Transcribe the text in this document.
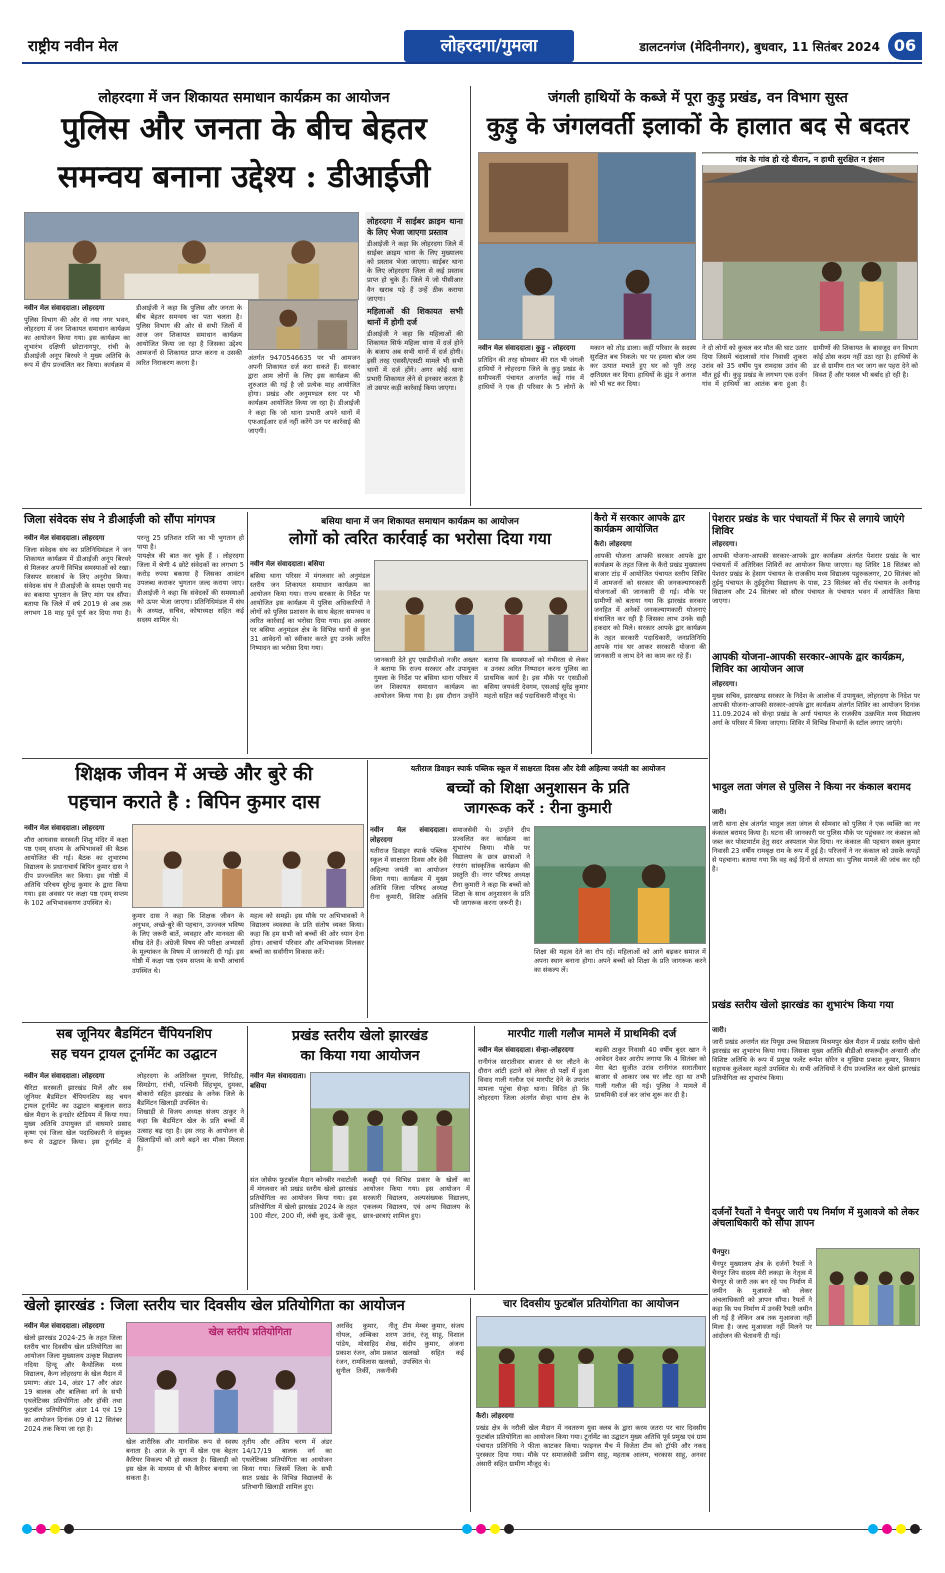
राष्ट्रीय नवीन मेल	लोहरदगा/गुमला	डालटनगंज (मेदिनीनगर), बुधवार, 11 सितंबर 2024 06
लोहरदगा में जन शिकायत समाधान कार्यक्रम का आयोजन
पुलिस और जनता के बीच बेहतर
समन्वय बनाना उद्देश्य : डीआईजी
लोहरदगा में साईबर क्राइम थाना के लिए भेजा जाएगा प्रस्ताव

डीआईजी ने कहा कि लोहरदगा जिले में साईबर क्राइम थाना के लिए मुख्यालय को प्रस्ताव भेजा जाएगा। साईबर थाना के लिए लोहरदगा जिला से कई प्रस्ताव प्राप्त हो चुके हैं। जिले में जो पीसीआर वैन खराब पड़े हैं उन्हें ठीक कराया जाएगा।

महिलाओं की शिकायत सभी थानों में होगी दर्ज

डीआईजी ने कहा कि महिलाओं की शिकायत सिर्फ महिला थाना में दर्ज होने के बजाय अब सभी थानों में दर्ज होगी। इसी तरह एससी/एसटी मामले भी सभी थानों में दर्ज होंगे। अगर कोई थाना प्रभारी शिकायत लेने से इनकार करता है तो उसपर कड़ी कार्रवाई किया जाएगा।

नवीन मेल संवाददाता। लोहरदगा

पुलिस विभाग की ओर से नया नगर भवन, लोहरदगा में जन शिकायत समाधान कार्यक्रम का आयोजन किया गया। इस कार्यक्रम का शुभारंभ दक्षिणी छोटानागपुर, रांची के डीआईजी अनूप बिरथरे ने मुख्य अतिथि के रूप में दीप प्रज्वलित कर किया। कार्यक्रम में डीआईजी ने कहा कि पुलिस और जनता के बीच बेहतर समन्वय का पता चलता है। पुलिस विभाग की ओर से सभी जिलों में आज जन शिकायत समाधान कार्यक्रम आयोजित किया जा रहा है जिसका उद्देश्य आमजनों से शिकायत प्राप्त करना व उसकी त्वरित निराकरण करना है।

अंतर्गत 9470546635 पर भी आमजन अपनी शिकायत दर्ज करा सकते हैं। सरकार द्वारा आम लोगों के लिए इस कार्यक्रम की शुरुआत की गई है जो प्रत्येक माह आयोजित होगा। प्रखंड और अनुमण्डल स्तर पर भी कार्यक्रम आयोजित किया जा रहा है। डीआईजी ने कहा कि जो थाना प्रभारी अपने थानों में एफआईआर दर्ज नहीं करेंगे उन पर कार्रवाई की जाएगी।

जंगली हाथियों के कब्जे में पूरा कुड़ु प्रखंड, वन विभाग सुस्त
कुड़ु के जंगलवर्ती इलाकों के हालात बद से बदतर
गांव के गांव हो रहे वीरान, न हाथी सुरक्षित न इंसान
नवीन मेल संवाददाता। कुड़ु - लोहरदगा

प्रतिदिन की तरह सोमवार की रात भी जंगली हाथियों ने लोहरदगा जिले के कुड़ु प्रखंड के समीपवर्ती पंचायत अन्तर्गत कई गांव में हाथियों ने एक ही परिवार के 5 लोगों के मकान को तोड़ डाला। कहीं परिवार के सदस्य सुरक्षित बच निकले। घर पर हमला बोल जम कर उत्पात मचाते हुए घर को पूरी तरह क्षतिग्रस्त कर दिया। हाथियों के झुंड ने अनाज को भी चट कर दिया।

ने दो लोगों को कुचल कर मौत की घाट उतार दिया जिसमें चंदालासो गांव निवासी शुकरा उरांव को 35 वर्षीय पुत्र रामदास उरांव की मौत हुई थी। कुड़ु प्रखंड के लगभग एक दर्जन गांव में हाथियों का आतंक बना हुआ है। ग्रामीणों की शिकायत के बावजूद वन विभाग कोई ठोस कदम नहीं उठा रहा है। हाथियों के डर से ग्रामीण रात भर जाग कर पहरा देने को विवश हैं और फसल भी बर्बाद हो रही है।

जिला संवेदक संघ ने डीआईजी को सौंपा मांगपत्र
नवीन मेल संवाददाता। लोहरदगा

जिला संवेदक संघ का प्रतिनिधिमंडल ने जन शिकायत कार्यक्रम में डीआईजी अनूप बिरथरे से मिलकर अपनी विभिन्न समस्याओं को रखा। जिसपर सरकार्थ के लिए अनुरोध किया। संवेदक संघ ने डीआईजी के समक्ष एसपी मद का बकाया भुगतान के लिए मांग पत्र सौंपा। बताया कि जिले में वर्ष 2019 से अब तक लगभग 18 माह पूर्व पूर्ण कर दिया गया है। परन्तु 25 प्रतिशत राशि का भी भुगतान हो पाया है।

पायक्षेत्र की बात कर चुके हैं । लोहरदगा जिला में श्रेणी 4 छोटे संवेदकों का लगभग 5 करोड़ रुपया बकाया है जिसका आवंटन उपलब्ध कराकर भुगतान जल्द कराया जाए। डीआईजी ने कहा कि संवेदकों की समस्याओं को ऊपर भेजा जाएगा। प्रतिनिधिमंडल में संघ के अध्यक्ष, सचिव, कोषाध्यक्ष सहित कई सदस्य शामिल थे।

बसिया थाना में जन शिकायत समाधान कार्यक्रम का आयोजन
लोगों को त्वरित कार्रवाई का भरोसा दिया गया
नवीन मेल संवाददाता। बसिया

बसिया थाना परिसर में मंगलवार को अनुमंडल स्तरीय जन शिकायत समाधान कार्यक्रम का आयोजन किया गया। राज्य सरकार के निर्देश पर आयोजित इस कार्यक्रम में पुलिस अधिकारियों ने लोगों को पुलिस प्रशासन के साथ बेहतर समन्वय व त्वरित कार्रवाई का भरोसा दिया गया। इस अवसर पर बसिया अनुमंडल क्षेत्र के विभिन्न थानों से कुल 31 आवेदनों को स्वीकार करते हुए उनके त्वरित निष्पादन का भरोसा दिया गया।

जानकारी देते हुए एसडीपीओ नजीर अख्तर ने बताया कि राज्य सरकार और उपायुक्त गुमला के निर्देश पर बसिया थाना परिसर में जन शिकायत समाधान कार्यक्रम का आयोजन किया गया है। इस दौरान उन्होंने बताया कि समस्याओं को गंभीरता से लेकर व उनका त्वरित निष्पादन करना पुलिस का प्राथमिक कार्य है। इस मौके पर एसडीओ बसिया जयवंती देवगम, एसआई सुरेंद्र कुमार महतो सहित कई पदाधिकारी मौजूद थे।

कैरो में सरकार आपके द्वार कार्यक्रम आयोजित
कैरो। लोहरदगा

आपकी योजना आपकी सरकार आपके द्वार कार्यक्रम के तहत जिला के कैरो प्रखंड मुख्यालय बाजार टांड़ में आयोजित पंचायत स्तरीय शिविर में आमजनों को सरकार की जनकल्याणकारी योजनाओं की जानकारी दी गई। मौके पर ग्रामीणों को बताया गया कि झारखंड सरकार जनहित में अनेकों जनकल्याणकारी योजनाएं संचालित कर रही है जिसका लाभ उनके सही हकदार को मिले। सरकार आपके द्वार कार्यक्रम के तहत सरकारी पदाधिकारी, जनप्रतिनिधि आपके गांव घर आकर सरकारी योजना की जानकारी व लाभ देने का काम कर रहे हैं।

पेशरार प्रखंड के चार पंचायतों में फिर से लगाये जाएंगे शिविर
लोहरदगा।

आपकी योजना-आपकी सरकार-आपके द्वार कार्यक्रम अंतर्गत पेशरार प्रखंड के चार पंचायतों में अतिरिक्त शिविरों का आयोजन किया जाएगा। यह शिविर 18 सितंबर को पेशरार प्रखंड के हेसाग पंचायत के राजकीय मध्य विद्यालय पहुरुकलगर, 20 सितंबर को तुईमु पंचायत के तुईदूरोया विद्यालय के पास, 23 सितंबर को रोंद पंचायत के अनौगढ़ विद्यालय और 24 सितंबर को सौरव पंचायत के पंचायत भवन में आयोजित किया जाएगा।

आपकी योजना-आपकी सरकार-आपके द्वार कार्यक्रम, शिविर का आयोजन आज
लोहरदगा।

मुख्य सचिव, झारखण्ड सरकार के निदेश के आलोक में उपायुक्त, लोहरदगा के निदेश पर आपकी योजना-आपकी सरकार-आपके द्वार कार्यक्रम अंतर्गत शिविर का आयोजन दिनांक 11.09.2024 को सेन्हा प्रखंड के अर्गा पंचायत के राजकीय उत्क्रमित मध्य विद्यालय अर्गा के परिसर में किया जाएगा। शिविर में विभिन्न विभागों के स्टॉल लगाए जाएंगे।

भादुल लता जंगल से पुलिस ने किया नर कंकाल बरामद
जारी।

जारी थाना क्षेत्र अंतर्गत भादुल लता जंगल से सोमवार को पुलिस ने एक व्यक्ति का नर कंकाल बरामद किया है। घटना की जानकारी पर पुलिस मौके पर पहुंचकर नर कंकाल को जब्त कर पोस्टमार्टम हेतु सदर अस्पताल भेज दिया। नर कंकाल की पहचान सबल कुमार निवासी 23 वर्षीय रामबृक्ष राम के रूप में हुई है। परिजनों ने नर कंकाल को उसके कपड़ों से पहचाना। बताया गया कि वह कई दिनों से लापता था। पुलिस मामले की जांच कर रही है।

प्रखंड स्तरीय खेलो झारखंड का शुभारंभ किया गया
जारी।

जारी प्रखंड अन्तर्गत संत पियूस उच्च विद्यालय मिश्रमपुर खेल मैदान में प्रखंड स्तरीय खेलो झारखंड का शुभारंभ किया गया। जिसका मुख्य अतिथि बीडीओ सफरूद्दीन अन्सारी और विशिष्ट अतिथि के रूप में प्रमुख फलेंट रूपेश सोरेन व मुखिया प्रकाश कुमार, किसान सहायक कुलेश्वर महतो उपस्थित थे। सभी अतिथियों ने दीप प्रज्वलित कर खेलो झारखंड प्रतियोगिता का शुभारंभ किया।

दर्जनों रैयतों ने चैनपुर जारी पथ निर्माण में मुआवजे को लेकर अंचलाधिकारी को सौंपा ज्ञापन
चैनपुर।

चैनपुर मुख्यालय क्षेत्र के दर्जनों रैयतों ने चैनपुर जिप सदस्य मेरी लकड़ा के नेतृत्व में चैनपुर से जारी तक बन रहे पथ निर्माण में जमीन के मुआवजे को लेकर अंचलाधिकारी को ज्ञापन सौंपा। रैयतों ने कहा कि पथ निर्माण में उनकी रैयती जमीन ली गई है लेकिन अब तक मुआवजा नहीं मिला है। जल्द मुआवजा नहीं मिलने पर आंदोलन की चेतावनी दी गई।

शिक्षक जीवन में अच्छे और बुरे की
पहचान कराते है : बिपिन कुमार दास
नवीन मेल संवाददाता। लोहरदगा

शौरा आयवास सरस्वती शिशु मंदिर में कक्षा पष्ठ एवम् सप्तम के अभिभावकों की बैठक आयोजित की गई। बैठक का शुभारम्भ विद्यालय के प्रधानाचार्य बिपिन कुमार दास ने दीप प्रज्ज्वलित कर किया। इस गोष्ठी में अतिथि परिचय सुरेन्द्र कुमार के द्वारा किया गया। इस अवसर पर कक्षा पष्ठ एवम् सप्तम के 102 अभिभावकगण उपस्थित थे।

कुमार दास ने कहा कि शिक्षक जीवन के अनुभव, अच्छे-बुरे की पहचान, उज्ज्वल भविष्य के लिए जरूरी बातें, व्यवहार और मानवता की सीख देते हैं। अंग्रेजी विषय की परीक्षा अभ्यासों के मूल्यांकन के विषय में जानकारी दी गई। इस गोष्ठी में कक्षा पष्ठ एवम सप्तम के सभी आचार्य उपस्थित थे।

महत्व को समझें। इस मौके पर अभिभावकों ने विद्यालय व्यवस्था के प्रति संतोष व्यक्त किया। कहा कि हम सभी को बच्चों की ओर ध्यान देना होगा। आचार्य परिवार और अभिभावक मिलकर बच्चों का सर्वांगीण विकास करें।

यतीराज डिवाइन स्पार्क पब्लिक स्कूल में साक्षरता दिवस और देवी अहिल्या जयंती का आयोजन
बच्चों को शिक्षा अनुशासन के प्रति
जागरूक करें : रीना कुमारी
नवीन मेल संवाददाता। लोहरदगा

यतीराज डिवाइन स्पार्क पब्लिक स्कूल में साक्षरता दिवस और देवी अहिल्या जयंती का आयोजन किया गया। कार्यक्रम में मुख्य अतिथि जिला परिषद अध्यक्ष रीना कुमारी, विशिष्ट अतिथि समाजसेवी थे। उन्होंने दीप प्रज्वलित कर कार्यक्रम का शुभारंभ किया। मौके पर विद्यालय के छात्र छात्राओं ने रंगारंग सांस्कृतिक कार्यक्रम की प्रस्तुति दी। नगर परिषद अध्यक्ष रीना कुमारी ने कहा कि बच्चों को शिक्षा के साथ अनुशासन के प्रति भी जागरूक करना जरूरी है।

शिक्षा की महत्व देते का रोप रहें। महिलाओं को आगे बढ़कर समाज में अपना स्थान बनाना होगा। अपने बच्चों को शिक्षा के प्रति जागरूक करने का संकल्प लें।

सब जूनियर बैडमिंटन चैंपियनशिप
सह चयन ट्रायल टूर्नामेंट का उद्घाटन
नवीन मेल संवाददाता। लोहरदगा

चैरिटा सरस्वती झारखंड मिलें और सब जूनियर बैडमिंटन चैंपियनशिप सह चयन ट्रायल टूर्नामेंट का उद्घाटन बाबूलाल सराउ खेल मैदान के इनडोर स्टेडियम में किया गया। मुख्य अतिथि उपायुक्त डॉ वाघमारे प्रसाद कृष्ण एवं जिला खेल पदाधिकारी ने संयुक्त रूप से उद्घाटन किया। इस टूर्नामेंट में लोहरदगा के अतिरिक्त गुमला, गिरिडीह, सिमडेगा, रांची, पश्चिमी सिंहभूम, दुमका, बोकारो सहित झारखंड के अनेक जिले के बैडमिंटन खिलाड़ी उपस्थित थे।

शिखाड़ी से विजय अध्यक्ष संजय ठाकुर ने कहा कि बैडमिंटन खेल के प्रति बच्चों में उत्साह बढ़ रहा है। इस तरह के आयोजन से खिलाड़ियों को आगे बढ़ने का मौका मिलता है।

प्रखंड स्तरीय खेलो झारखंड
का किया गया आयोजन
नवीन मेल संवाददाता। बसिया

संत जोसेफ फुटबॉल मैदान कोनबीर नवाटोली में मंगलवार को प्रखंड स्तरीय खेलो झारखंड प्रतियोगिता का आयोजन किया गया। इस प्रतियोगिता में खेलो झारखंड 2024 के तहत 100 मीटर, 200 मी, लंबी कूद, ऊंची कूद, कबड्डी एवं विभिन्न प्रकार के खेलों का आयोजन किया गया। इस आयोजन में सरकारी विद्यालय, अल्पसंख्यक विद्यालय, एकलव्य विद्यालय, एवं अन्य विद्यालय के छात्र-छात्राएं शामिल हुए।

मारपीट गाली गलौज मामले में प्राथमिकी दर्ज
नवीन मेल संवाददाता। सेन्हा-लोहरदगा

रानीगंज सारातीवार बाजार से घर लौटने के दौरान आंटी हटाने को लेकर दो पक्षों में हुआ विवाद गाली गलौज एवं मारपीट देने के उपरांत मामला पहुंचा सेन्हा थाना। विदित हो कि लोहरदगा जिला अंतर्गत सेन्हा थाना क्षेत्र के बड़की ठाकुर निवासी 40 वर्षीय बुदर खान ने आवेदन देकर आरोप लगाया कि 4 सितंबर को मेरा बेटा सुजीत उरांव रानीगंज सारातीवार बाजार से आकार जब घर लौट रहा था तभी गाली गलौज की गई। पुलिस ने मामले में प्राथमिकी दर्ज कर जांच शुरू कर दी है।

खेलो झारखंड : जिला स्तरीय चार दिवसीय खेल प्रतियोगिता का आयोजन
नवीन मेल संवाददाता। लोहरदगा

खेलो झारखंड 2024-25 के तहत जिला स्तरीय चार दिवसीय खेल प्रतियोगिता का आयोजन जिला मुख्यालय उत्कृष्ट विद्यालय नदिया हिन्दू और कैथोलिक मध्य विद्यालय, कैन्ग लोहरदगा के खेल मैदान में प्रमाण: अंडर 14, अंडर 17 और अंडर 19 बालक और बालिका वर्ग के सभी एथलेटिक्स प्रतियोगिता और हॉकी तथा फुटबॉल प्रतियोगिता अंडर 14 एवं 19 का आयोजन दिनांक 09 से 12 सितंबर 2024 तक किया जा रहा है।

खेल स्तरीय प्रतियोगिता

खेल शारीरिक और मानसिक रूप से स्वस्थ बनाता है। आज के युग में खेल एक बेहतर कैरियर विकल्प भी हो सकता है। खिलाड़ी को इस खेल के माध्यम से भी कैरियर बनाया जा सकता है।

तृतीय और अंतिम चरण में अंडर 14/17/19 बालक वर्ग का एथलेटिक्स प्रतियोगिता का आयोजन किया गया। जिसमें जिला के सभी सात प्रखंड के विभिन्न विद्यालयों के प्रतिभागी खिलाड़ी शामिल हुए।

अरविंद कुमार, नीतू गोयल, अम्बिका शरण पांडेय, मोसाहिद शेख, प्रकाश रंजन, ओम प्रकाश रंजन, रामविलास खलखो, सुनील तिर्की, तकनीकी टीम मेम्बर कुमार, संजय उरांव, रंजू साहू, विशाल संदीप कुमार, अंजना खलखो सहित कई उपस्थित थे।

चार दिवसीय फुटबॉल प्रतियोगिता का आयोजन
कैरो। लोहरदगा

प्रखंड क्षेत्र के नरौली खेल मैदान में नवतरुण युवा क्लब के द्वारा करम जतरा पर चार दिवसीय फुटबॉल प्रतियोगिता का आयोजन किया गया। टूर्नामेंट का उद्घाटन मुख्य अतिथि पूर्व प्रमुख एवं ग्राम पंचायत प्रतिनिधि ने फीता काटकर किया। फाइनल मैच में विजेता टीम को ट्रॉफी और नकद पुरस्कार दिया गया। मौके पर समाजसेवी प्रवीण साहू, महताब आलम, चरकास साहू, अनवर अंसारी सहित ग्रामीण मौजूद थे।
